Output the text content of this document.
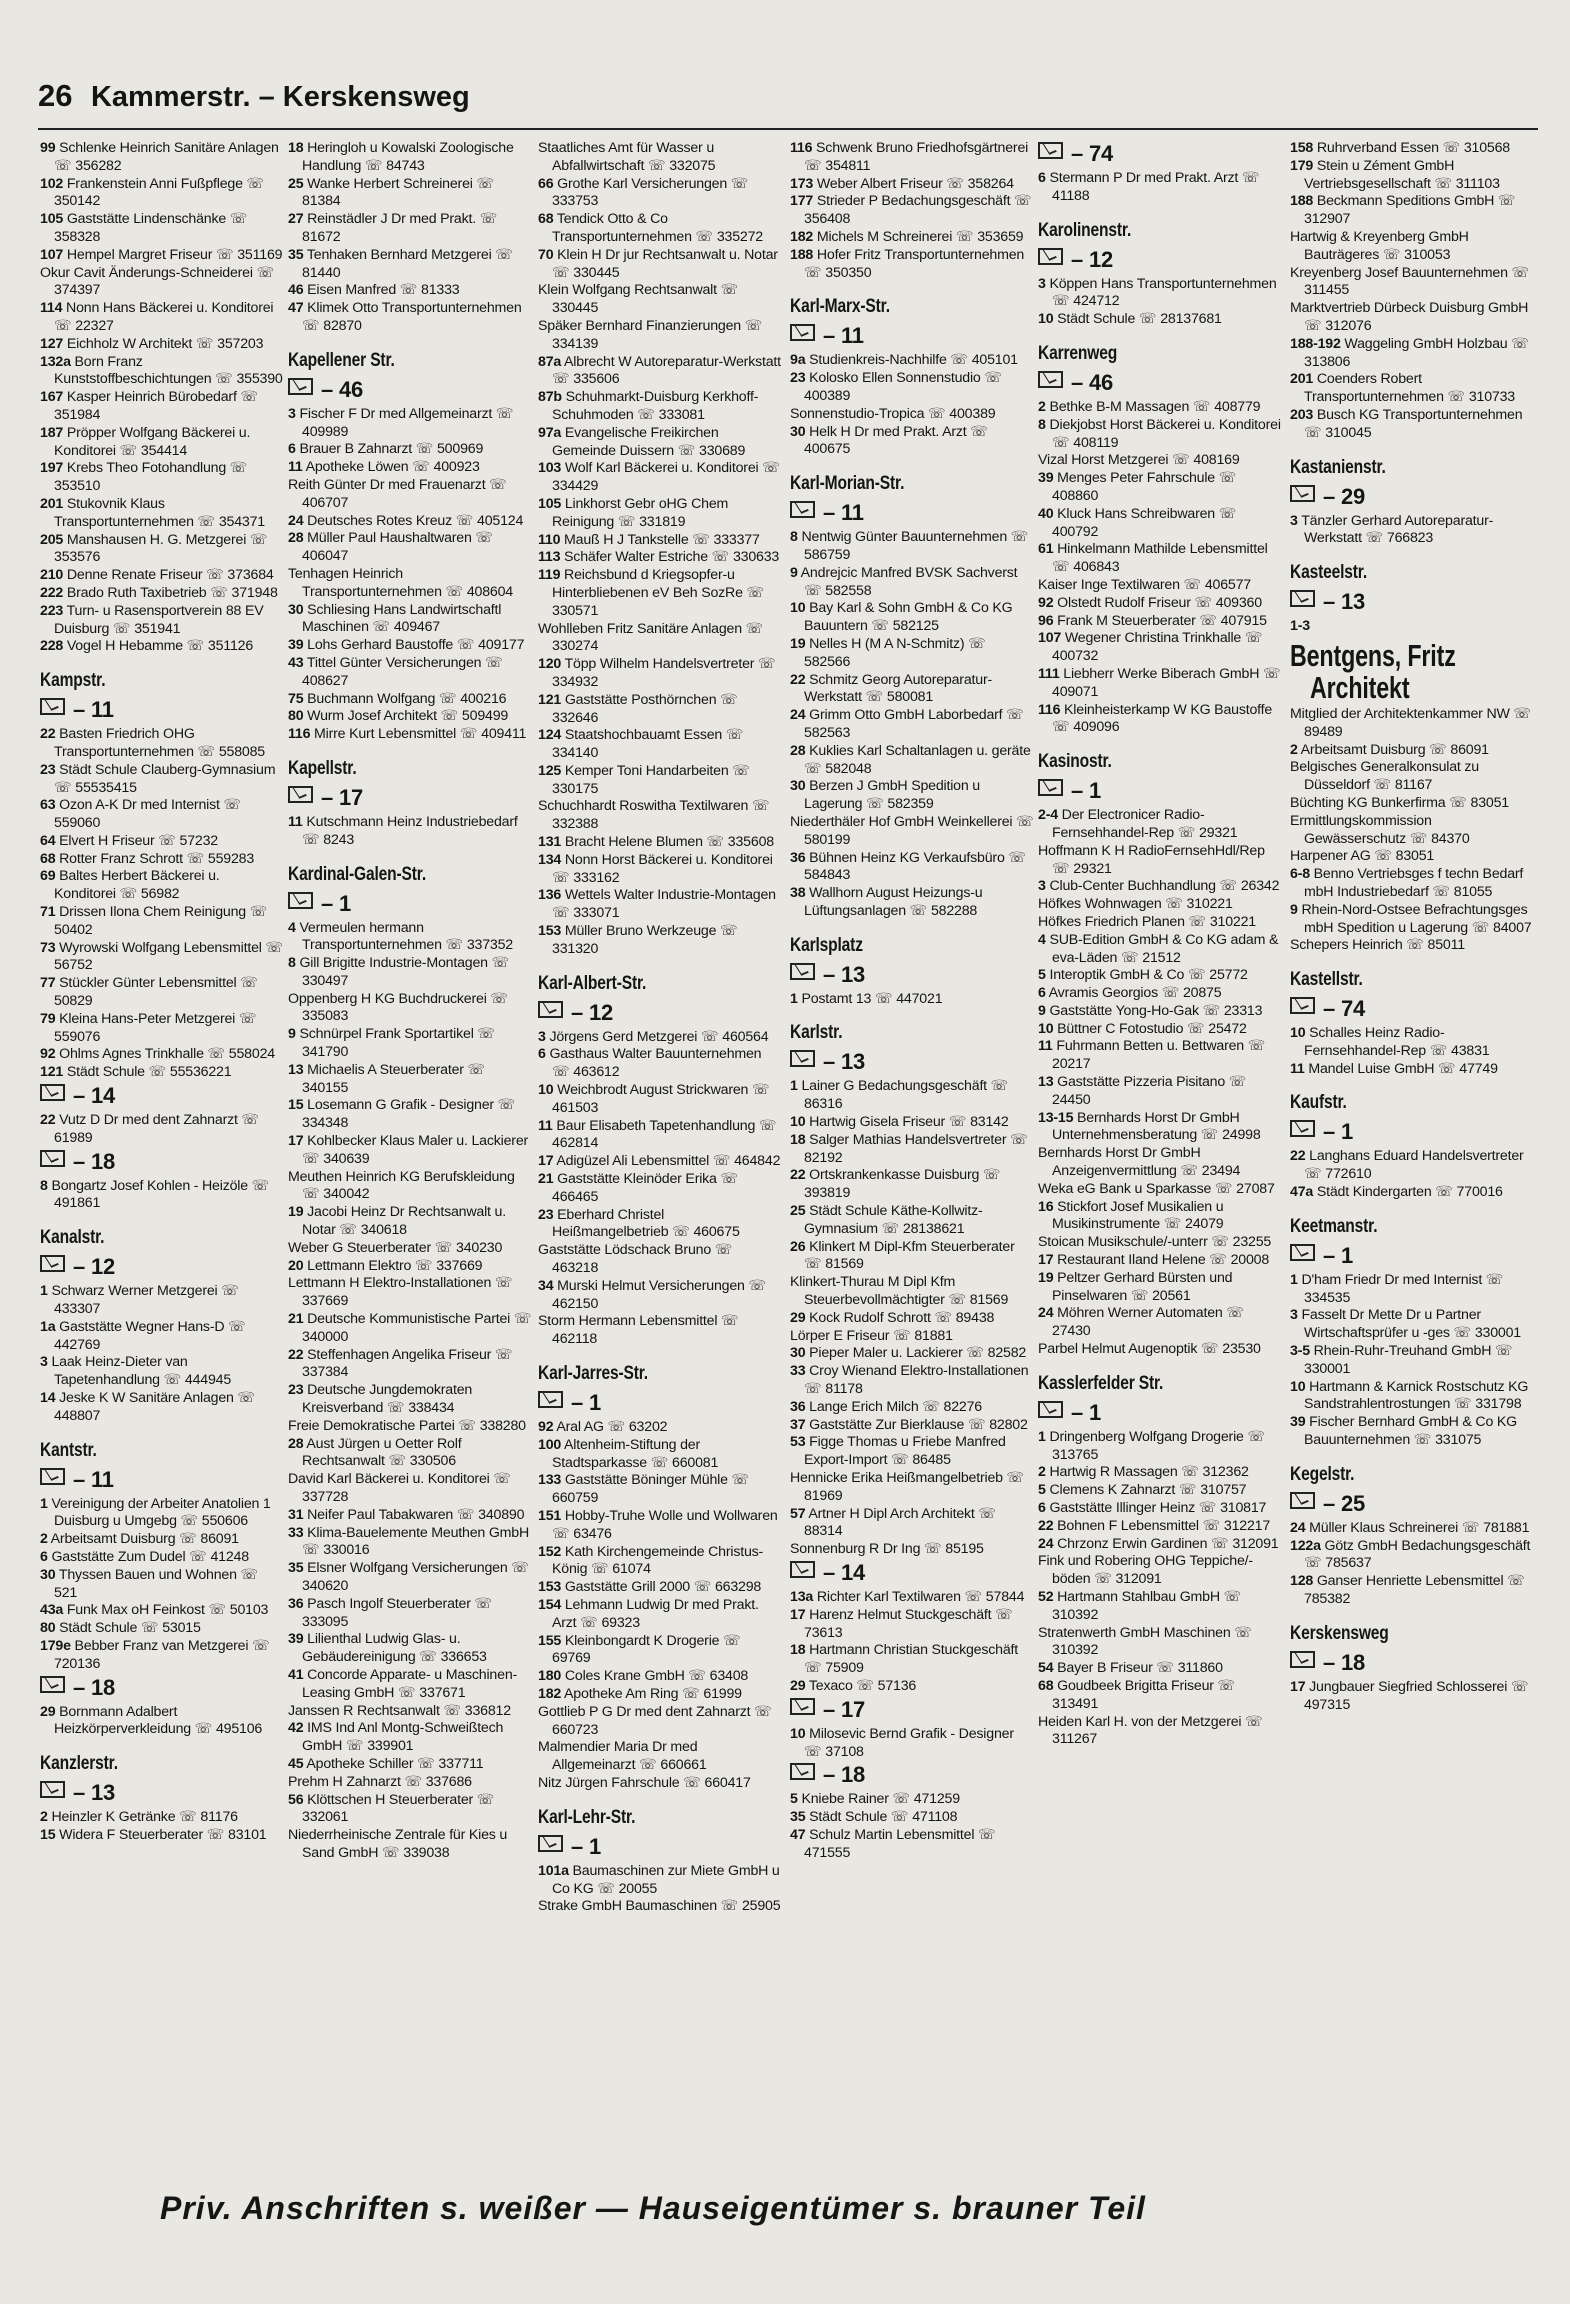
26 Kammerstr. – Kerskensweg
99 Schlenke Heinrich Sanitäre Anlagen ☏ 356282
102 Frankenstein Anni Fußpflege ☏ 350142
105 Gaststätte Lindenschänke ☏ 358328
107 Hempel Margret Friseur ☏ 351169
Okur Cavit Änderungs-Schneiderei ☏ 374397
114 Nonn Hans Bäckerei u. Konditorei ☏ 22327
127 Eichholz W Architekt ☏ 357203
132a Born Franz Kunststoffbeschichtungen ☏ 355390
167 Kasper Heinrich Bürobedarf ☏ 351984
187 Pröpper Wolfgang Bäckerei u. Konditorei ☏ 354414
197 Krebs Theo Fotohandlung ☏ 353510
201 Stukovnik Klaus Transportunternehmen ☏ 354371
205 Manshausen H. G. Metzgerei ☏ 353576
210 Denne Renate Friseur ☏ 373684
222 Brado Ruth Taxibetrieb ☏ 371948
223 Turn- u Rasensportverein 88 EV Duisburg ☏ 351941
228 Vogel H Hebamme ☏ 351126
Kampstr.
– 11
22 Basten Friedrich OHG Transportunternehmen ☏ 558085
23 Städt Schule Clauberg-Gymnasium ☏ 55535415
63 Ozon A-K Dr med Internist ☏ 559060
64 Elvert H Friseur ☏ 57232
68 Rotter Franz Schrott ☏ 559283
69 Baltes Herbert Bäckerei u. Konditorei ☏ 56982
71 Drissen Ilona Chem Reinigung ☏ 50402
73 Wyrowski Wolfgang Lebensmittel ☏ 56752
77 Stückler Günter Lebensmittel ☏ 50829
79 Kleina Hans-Peter Metzgerei ☏ 559076
92 Ohlms Agnes Trinkhalle ☏ 558024
121 Städt Schule ☏ 55536221
– 14
22 Vutz D Dr med dent Zahnarzt ☏ 61989
– 18
8 Bongartz Josef Kohlen - Heizöle ☏ 491861
Kanalstr.
– 12
1 Schwarz Werner Metzgerei ☏ 433307
1a Gaststätte Wegner Hans-D ☏ 442769
3 Laak Heinz-Dieter van Tapetenhandlung ☏ 444945
14 Jeske K W Sanitäre Anlagen ☏ 448807
Kantstr.
– 11
1 Vereinigung der Arbeiter Anatolien 1 Duisburg u Umgebg ☏ 550606
2 Arbeitsamt Duisburg ☏ 86091
6 Gaststätte Zum Dudel ☏ 41248
30 Thyssen Bauen und Wohnen ☏ 521
43a Funk Max oH Feinkost ☏ 50103
80 Städt Schule ☏ 53015
179e Bebber Franz van Metzgerei ☏ 720136
– 18
29 Bornmann Adalbert Heizkörperverkleidung ☏ 495106
Kanzlerstr.
– 13
2 Heinzler K Getränke ☏ 81176
15 Widera F Steuerberater ☏ 83101
18 Heringloh u Kowalski Zoologische Handlung ☏ 84743
25 Wanke Herbert Schreinerei ☏ 81384
27 Reinstädler J Dr med Prakt. ☏ 81672
35 Tenhaken Bernhard Metzgerei ☏ 81440
46 Eisen Manfred ☏ 81333
47 Klimek Otto Transportunternehmen ☏ 82870
Kapellener Str.
– 46
3 Fischer F Dr med Allgemeinarzt ☏ 409989
6 Brauer B Zahnarzt ☏ 500969
11 Apotheke Löwen ☏ 400923
Reith Günter Dr med Frauenarzt ☏ 406707
24 Deutsches Rotes Kreuz ☏ 405124
28 Müller Paul Haushaltwaren ☏ 406047
Tenhagen Heinrich Transportunternehmen ☏ 408604
30 Schliesing Hans Landwirtschaftl Maschinen ☏ 409467
39 Lohs Gerhard Baustoffe ☏ 409177
43 Tittel Günter Versicherungen ☏ 408627
75 Buchmann Wolfgang ☏ 400216
80 Wurm Josef Architekt ☏ 509499
116 Mirre Kurt Lebensmittel ☏ 409411
Kapellstr.
– 17
11 Kutschmann Heinz Industriebedarf ☏ 8243
Kardinal-Galen-Str.
– 1
4 Vermeulen hermann Transportunternehmen ☏ 337352
8 Gill Brigitte Industrie-Montagen ☏ 330497
Oppenberg H KG Buchdruckerei ☏ 335083
9 Schnürpel Frank Sportartikel ☏ 341790
13 Michaelis A Steuerberater ☏ 340155
15 Losemann G Grafik - Designer ☏ 334348
17 Kohlbecker Klaus Maler u. Lackierer ☏ 340639
Meuthen Heinrich KG Berufskleidung ☏ 340042
19 Jacobi Heinz Dr Rechtsanwalt u. Notar ☏ 340618
Weber G Steuerberater ☏ 340230
20 Lettmann Elektro ☏ 337669
Lettmann H Elektro-Installationen ☏ 337669
21 Deutsche Kommunistische Partei ☏ 340000
22 Steffenhagen Angelika Friseur ☏ 337384
23 Deutsche Jungdemokraten Kreisverband ☏ 338434
Freie Demokratische Partei ☏ 338280
28 Aust Jürgen u Oetter Rolf Rechtsanwalt ☏ 330506
David Karl Bäckerei u. Konditorei ☏ 337728
31 Neifer Paul Tabakwaren ☏ 340890
33 Klima-Bauelemente Meuthen GmbH ☏ 330016
35 Elsner Wolfgang Versicherungen ☏ 340620
36 Pasch Ingolf Steuerberater ☏ 333095
39 Lilienthal Ludwig Glas- u. Gebäudereinigung ☏ 336653
41 Concorde Apparate- u Maschinen-Leasing GmbH ☏ 337671
Janssen R Rechtsanwalt ☏ 336812
42 IMS Ind Anl Montg-Schweißtech GmbH ☏ 339901
45 Apotheke Schiller ☏ 337711
Prehm H Zahnarzt ☏ 337686
56 Klöttschen H Steuerberater ☏ 332061
Niederrheinische Zentrale für Kies u Sand GmbH ☏ 339038
Staatliches Amt für Wasser u Abfallwirtschaft ☏ 332075
66 Grothe Karl Versicherungen ☏ 333753
68 Tendick Otto & Co Transportunternehmen ☏ 335272
70 Klein H Dr jur Rechtsanwalt u. Notar ☏ 330445
Klein Wolfgang Rechtsanwalt ☏ 330445
Späker Bernhard Finanzierungen ☏ 334139
87a Albrecht W Autoreparatur-Werkstatt ☏ 335606
87b Schuhmarkt-Duisburg Kerkhoff-Schuhmoden ☏ 333081
97a Evangelische Freikirchen Gemeinde Duissern ☏ 330689
103 Wolf Karl Bäckerei u. Konditorei ☏ 334429
105 Linkhorst Gebr oHG Chem Reinigung ☏ 331819
110 Mauß H J Tankstelle ☏ 333377
113 Schäfer Walter Estriche ☏ 330633
119 Reichsbund d Kriegsopfer-u Hinterbliebenen eV Beh SozRe ☏ 330571
Wohlleben Fritz Sanitäre Anlagen ☏ 330274
120 Töpp Wilhelm Handelsvertreter ☏ 334932
121 Gaststätte Posthörnchen ☏ 332646
124 Staatshochbauamt Essen ☏ 334140
125 Kemper Toni Handarbeiten ☏ 330175
Schuchhardt Roswitha Textilwaren ☏ 332388
131 Bracht Helene Blumen ☏ 335608
134 Nonn Horst Bäckerei u. Konditorei ☏ 333162
136 Wettels Walter Industrie-Montagen ☏ 333071
153 Müller Bruno Werkzeuge ☏ 331320
Karl-Albert-Str.
– 12
3 Jörgens Gerd Metzgerei ☏ 460564
6 Gasthaus Walter Bauunternehmen ☏ 463612
10 Weichbrodt August Strickwaren ☏ 461503
11 Baur Elisabeth Tapetenhandlung ☏ 462814
17 Adigüzel Ali Lebensmittel ☏ 464842
21 Gaststätte Kleinöder Erika ☏ 466465
23 Eberhard Christel Heißmangelbetrieb ☏ 460675
Gaststätte Lödschack Bruno ☏ 463218
34 Murski Helmut Versicherungen ☏ 462150
Storm Hermann Lebensmittel ☏ 462118
Karl-Jarres-Str.
– 1
92 Aral AG ☏ 63202
100 Altenheim-Stiftung der Stadtsparkasse ☏ 660081
133 Gaststätte Böninger Mühle ☏ 660759
151 Hobby-Truhe Wolle und Wollwaren ☏ 63476
152 Kath Kirchengemeinde Christus-König ☏ 61074
153 Gaststätte Grill 2000 ☏ 663298
154 Lehmann Ludwig Dr med Prakt. Arzt ☏ 69323
155 Kleinbongardt K Drogerie ☏ 69769
180 Coles Krane GmbH ☏ 63408
182 Apotheke Am Ring ☏ 61999
Gottlieb P G Dr med dent Zahnarzt ☏ 660723
Malmendier Maria Dr med Allgemeinarzt ☏ 660661
Nitz Jürgen Fahrschule ☏ 660417
Karl-Lehr-Str.
– 1
101a Baumaschinen zur Miete GmbH u Co KG ☏ 20055
Strake GmbH Baumaschinen ☏ 25905
116 Schwenk Bruno Friedhofsgärtnerei ☏ 354811
173 Weber Albert Friseur ☏ 358264
177 Strieder P Bedachungsgeschäft ☏ 356408
182 Michels M Schreinerei ☏ 353659
188 Hofer Fritz Transportunternehmen ☏ 350350
Karl-Marx-Str.
– 11
9a Studienkreis-Nachhilfe ☏ 405101
23 Kolosko Ellen Sonnenstudio ☏ 400389
Sonnenstudio-Tropica ☏ 400389
30 Helk H Dr med Prakt. Arzt ☏ 400675
Karl-Morian-Str.
– 11
8 Nentwig Günter Bauunternehmen ☏ 586759
9 Andrejcic Manfred BVSK Sachverst ☏ 582558
10 Bay Karl & Sohn GmbH & Co KG Bauuntern ☏ 582125
19 Nelles H (M A N-Schmitz) ☏ 582566
22 Schmitz Georg Autoreparatur-Werkstatt ☏ 580081
24 Grimm Otto GmbH Laborbedarf ☏ 582563
28 Kuklies Karl Schaltanlagen u. geräte ☏ 582048
30 Berzen J GmbH Spedition u Lagerung ☏ 582359
Niederthäler Hof GmbH Weinkellerei ☏ 580199
36 Bühnen Heinz KG Verkaufsbüro ☏ 584843
38 Wallhorn August Heizungs-u Lüftungsanlagen ☏ 582288
Karlsplatz
– 13
1 Postamt 13 ☏ 447021
Karlstr.
– 13
1 Lainer G Bedachungsgeschäft ☏ 86316
10 Hartwig Gisela Friseur ☏ 83142
18 Salger Mathias Handelsvertreter ☏ 82192
22 Ortskrankenkasse Duisburg ☏ 393819
25 Städt Schule Käthe-Kollwitz-Gymnasium ☏ 28138621
26 Klinkert M Dipl-Kfm Steuerberater ☏ 81569
Klinkert-Thurau M Dipl Kfm Steuerbevollmächtigter ☏ 81569
29 Kock Rudolf Schrott ☏ 89438
Lörper E Friseur ☏ 81881
30 Pieper Maler u. Lackierer ☏ 82582
33 Croy Wienand Elektro-Installationen ☏ 81178
36 Lange Erich Milch ☏ 82276
37 Gaststätte Zur Bierklause ☏ 82802
53 Figge Thomas u Friebe Manfred Export-Import ☏ 86485
Hennicke Erika Heißmangelbetrieb ☏ 81969
57 Artner H Dipl Arch Architekt ☏ 88314
Sonnenburg R Dr Ing ☏ 85195
– 14
13a Richter Karl Textilwaren ☏ 57844
17 Harenz Helmut Stuckgeschäft ☏ 73613
18 Hartmann Christian Stuckgeschäft ☏ 75909
29 Texaco ☏ 57136
– 17
10 Milosevic Bernd Grafik - Designer ☏ 37108
– 18
5 Kniebe Rainer ☏ 471259
35 Städt Schule ☏ 471108
47 Schulz Martin Lebensmittel ☏ 471555
– 74
6 Stermann P Dr med Prakt. Arzt ☏ 41188
Karolinenstr.
– 12
3 Köppen Hans Transportunternehmen ☏ 424712
10 Städt Schule ☏ 28137681
Karrenweg
– 46
2 Bethke B-M Massagen ☏ 408779
8 Diekjobst Horst Bäckerei u. Konditorei ☏ 408119
Vizal Horst Metzgerei ☏ 408169
39 Menges Peter Fahrschule ☏ 408860
40 Kluck Hans Schreibwaren ☏ 400792
61 Hinkelmann Mathilde Lebensmittel ☏ 406843
Kaiser Inge Textilwaren ☏ 406577
92 Olstedt Rudolf Friseur ☏ 409360
96 Frank M Steuerberater ☏ 407915
107 Wegener Christina Trinkhalle ☏ 400732
111 Liebherr Werke Biberach GmbH ☏ 409071
116 Kleinheisterkamp W KG Baustoffe ☏ 409096
Kasinostr.
– 1
2-4 Der Electronicer Radio-Fernsehhandel-Rep ☏ 29321
Hoffmann K H RadioFernsehHdl/Rep ☏ 29321
3 Club-Center Buchhandlung ☏ 26342
Höfkes Wohnwagen ☏ 310221
Höfkes Friedrich Planen ☏ 310221
4 SUB-Edition GmbH & Co KG adam & eva-Läden ☏ 21512
5 Interoptik GmbH & Co ☏ 25772
6 Avramis Georgios ☏ 20875
9 Gaststätte Yong-Ho-Gak ☏ 23313
10 Büttner C Fotostudio ☏ 25472
11 Fuhrmann Betten u. Bettwaren ☏ 20217
13 Gaststätte Pizzeria Pisitano ☏ 24450
13-15 Bernhards Horst Dr GmbH Unternehmensberatung ☏ 24998
Bernhards Horst Dr GmbH Anzeigenvermittlung ☏ 23494
Weka eG Bank u Sparkasse ☏ 27087
16 Stickfort Josef Musikalien u Musikinstrumente ☏ 24079
Stoican Musikschule/-unterr ☏ 23255
17 Restaurant Iland Helene ☏ 20008
19 Peltzer Gerhard Bürsten und Pinselwaren ☏ 20561
24 Möhren Werner Automaten ☏ 27430
Parbel Helmut Augenoptik ☏ 23530
Kasslerfelder Str.
– 1
1 Dringenberg Wolfgang Drogerie ☏ 313765
2 Hartwig R Massagen ☏ 312362
5 Clemens K Zahnarzt ☏ 310757
6 Gaststätte Illinger Heinz ☏ 310817
22 Bohnen F Lebensmittel ☏ 312217
24 Chrzonz Erwin Gardinen ☏ 312091
Fink und Robering OHG Teppiche/-böden ☏ 312091
52 Hartmann Stahlbau GmbH ☏ 310392
Stratenwerth GmbH Maschinen ☏ 310392
54 Bayer B Friseur ☏ 311860
68 Goudbeek Brigitta Friseur ☏ 313491
Heiden Karl H. von der Metzgerei ☏ 311267
158 Ruhrverband Essen ☏ 310568
179 Stein u Zément GmbH Vertriebsgesellschaft ☏ 311103
188 Beckmann Speditions GmbH ☏ 312907
Hartwig & Kreyenberg GmbH Bauträgeres ☏ 310053
Kreyenberg Josef Bauunternehmen ☏ 311455
Marktvertrieb Dürbeck Duisburg GmbH ☏ 312076
188-192 Waggeling GmbH Holzbau ☏ 313806
201 Coenders Robert Transportunternehmen ☏ 310733
203 Busch KG Transportunternehmen ☏ 310045
Kastanienstr.
– 29
3 Tänzler Gerhard Autoreparatur-Werkstatt ☏ 766823
Kasteelstr.
– 13
1-3
Bentgens, Fritz
Architekt
Mitglied der Architektenkammer NW ☏ 89489
2 Arbeitsamt Duisburg ☏ 86091
Belgisches Generalkonsulat zu Düsseldorf ☏ 81167
Büchting KG Bunkerfirma ☏ 83051
Ermittlungskommission Gewässerschutz ☏ 84370
Harpener AG ☏ 83051
6-8 Benno Vertriebsges f techn Bedarf mbH Industriebedarf ☏ 81055
9 Rhein-Nord-Ostsee Befrachtungsges mbH Spedition u Lagerung ☏ 84007
Schepers Heinrich ☏ 85011
Kastellstr.
– 74
10 Schalles Heinz Radio-Fernsehhandel-Rep ☏ 43831
11 Mandel Luise GmbH ☏ 47749
Kaufstr.
– 1
22 Langhans Eduard Handelsvertreter ☏ 772610
47a Städt Kindergarten ☏ 770016
Keetmanstr.
– 1
1 D'ham Friedr Dr med Internist ☏ 334535
3 Fasselt Dr Mette Dr u Partner Wirtschaftsprüfer u -ges ☏ 330001
3-5 Rhein-Ruhr-Treuhand GmbH ☏ 330001
10 Hartmann & Karnick Rostschutz KG Sandstrahlentrostungen ☏ 331798
39 Fischer Bernhard GmbH & Co KG Bauunternehmen ☏ 331075
Kegelstr.
– 25
24 Müller Klaus Schreinerei ☏ 781881
122a Götz GmbH Bedachungsgeschäft ☏ 785637
128 Ganser Henriette Lebensmittel ☏ 785382
Kerskensweg
– 18
17 Jungbauer Siegfried Schlosserei ☏ 497315
Priv. Anschriften s. weißer — Hauseigentümer s. brauner Teil
